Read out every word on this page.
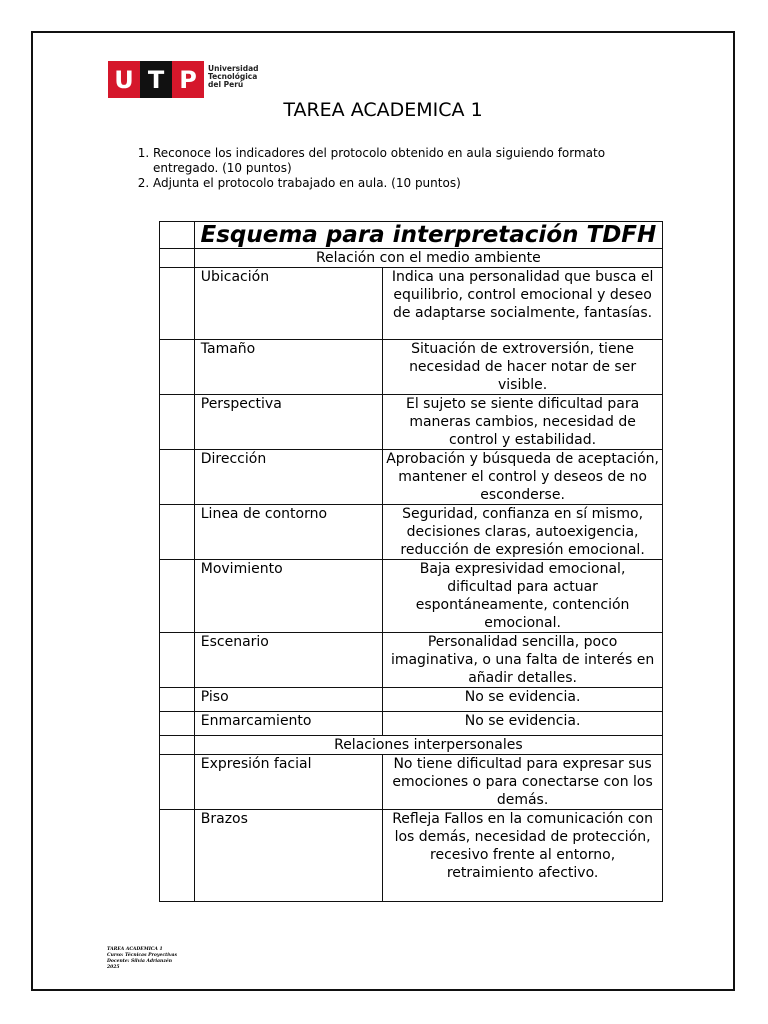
U T P	Universidad
Tecnológica
del Perú
TAREA ACADEMICA 1
1. Reconoce los indicadores del protocolo obtenido en aula siguiendo formato entregado. (10 puntos)
2. Adjunta el protocolo trabajado en aula. (10 puntos)
	Esquema para interpretación TDFH	
	Relación con el medio ambiente	
	Ubicación	Indica una personalidad que busca el equilibrio, control emocional y deseo de adaptarse socialmente, fantasías.
	Tamaño	Situación de extroversión, tiene necesidad de hacer notar de ser visible.
	Perspectiva	El sujeto se siente dificultad para maneras cambios, necesidad de control y estabilidad.
	Dirección	Aprobación y búsqueda de aceptación, mantener el control y deseos de no esconderse.
	Linea de contorno	Seguridad, confianza en sí mismo, decisiones claras, autoexigencia, reducción de expresión emocional.
	Movimiento	Baja expresividad emocional, dificultad para actuar espontáneamente, contención emocional.
	Escenario	Personalidad sencilla, poco imaginativa, o una falta de interés en añadir detalles.
	Piso	No se evidencia.
	Enmarcamiento	No se evidencia.
	Relaciones interpersonales	
	Expresión facial	No tiene dificultad para expresar sus emociones o para conectarse con los demás.
	Brazos	Refleja Fallos en la comunicación con los demás, necesidad de protección, recesivo frente al entorno, retraimiento afectivo.
TAREA ACADEMICA 1
Curso: Técnicas Proyectivas
Docente: Silvia Adrianzén
2025
